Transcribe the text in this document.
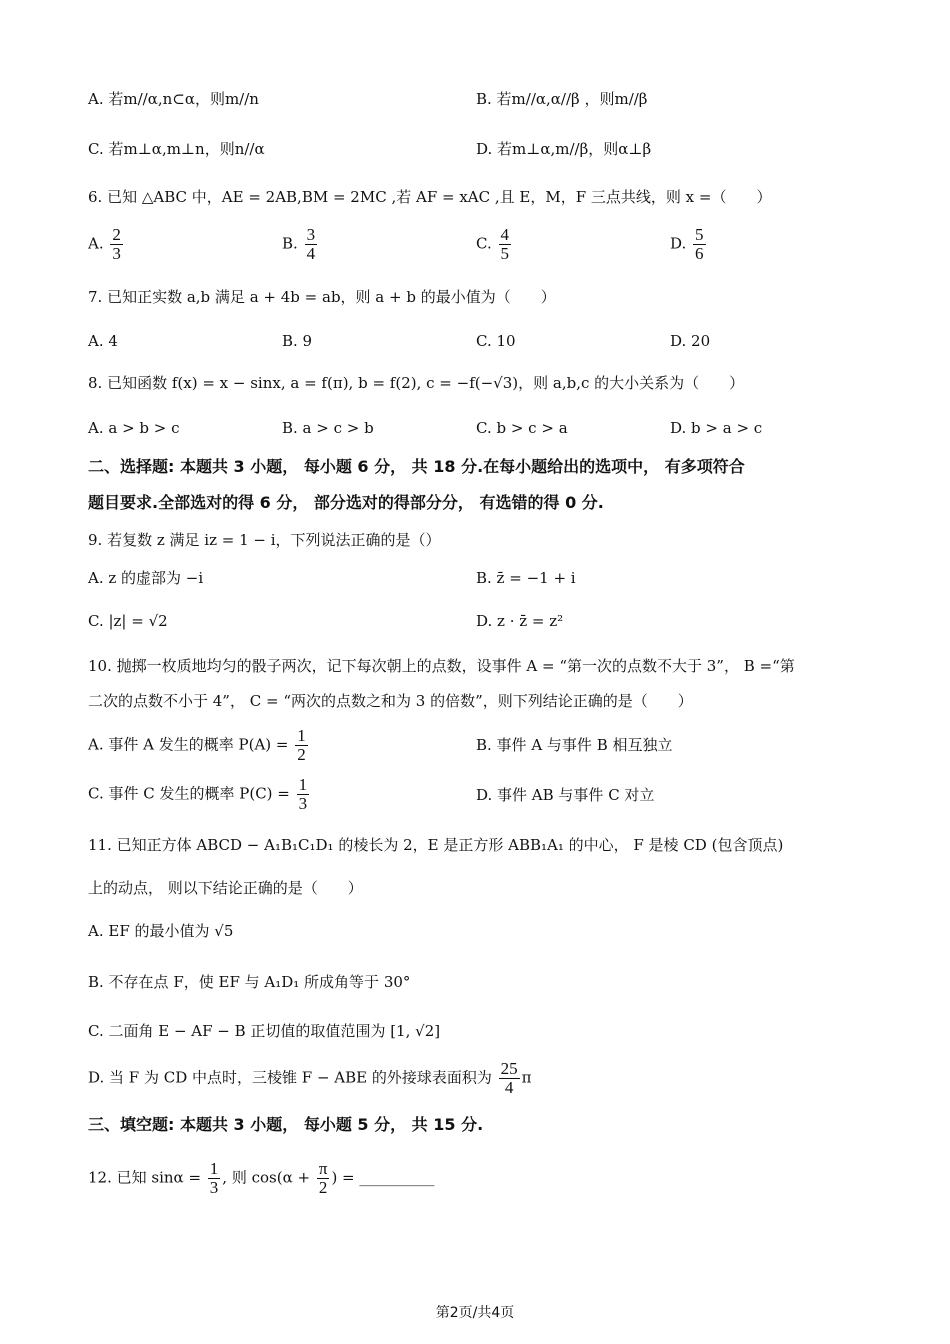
A. 若m//α,n⊂α，则m//n	B. 若m//α,α//β ，则m//β
C. 若m⊥α,m⊥n，则n//α	D. 若m⊥α,m//β，则α⊥β
6. 已知 △ABC 中，AE = 2AB,BM = 2MC ,若 AF = xAC ,且 E，M，F 三点共线，则 x =（　　）
A. $\frac{2}{3}$	B. $\frac{3}{4}$	C. $\frac{4}{5}$	D. $\frac{5}{6}$
7. 已知正实数 a,b 满足 a + 4b = ab，则 a + b 的最小值为（　　）
A. 4	B. 9	C. 10	D. 20
8. 已知函数 f(x) = x − sinx, a = f(π), b = f(2), c = −f(−√3)，则 a,b,c 的大小关系为（　　）
A. a > b > c	B. a > c > b	C. b > c > a	D. b > a > c
二、选择题: 本题共 3 小题， 每小题 6 分， 共 18 分.在每小题给出的选项中， 有多项符合
题目要求.全部选对的得 6 分， 部分选对的得部分分， 有选错的得 0 分.
9. 若复数 z 满足 iz = 1 − i，下列说法正确的是（）
A. z 的虚部为 −i	B. z̄ = −1 + i
C. |z| = √2	D. z · z̄ = z²
10. 抛掷一枚质地均匀的骰子两次，记下每次朝上的点数，设事件 A = “第一次的点数不大于 3”， B =“第
二次的点数不小于 4”， C = “两次的点数之和为 3 的倍数”，则下列结论正确的是（　　）
A. 事件 A 发生的概率 $P(A) = \frac{1}{2}$	B. 事件 A 与事件 B 相互独立
C. 事件 C 发生的概率 $P(C) = \frac{1}{3}$	D. 事件 AB 与事件 C 对立
11. 已知正方体 ABCD − A₁B₁C₁D₁ 的棱长为 2，E 是正方形 ABB₁A₁ 的中心， F 是棱 CD (包含顶点)
上的动点， 则以下结论正确的是（　　）
A. EF 的最小值为 √5
B. 不存在点 F，使 EF 与 A₁D₁ 所成角等于 30°
C. 二面角 E − AF − B 正切值的取值范围为 [1, √2]
D. 当 F 为 CD 中点时，三棱锥 F − ABE 的外接球表面积为 $\frac{25}{4}$ π
三、填空题: 本题共 3 小题， 每小题 5 分， 共 15 分.
12. 已知 $\sin\alpha = \frac{1}{3}$ , 则 $\cos(\alpha + \frac{\pi}{2}$ ) = __________
第2页/共4页
